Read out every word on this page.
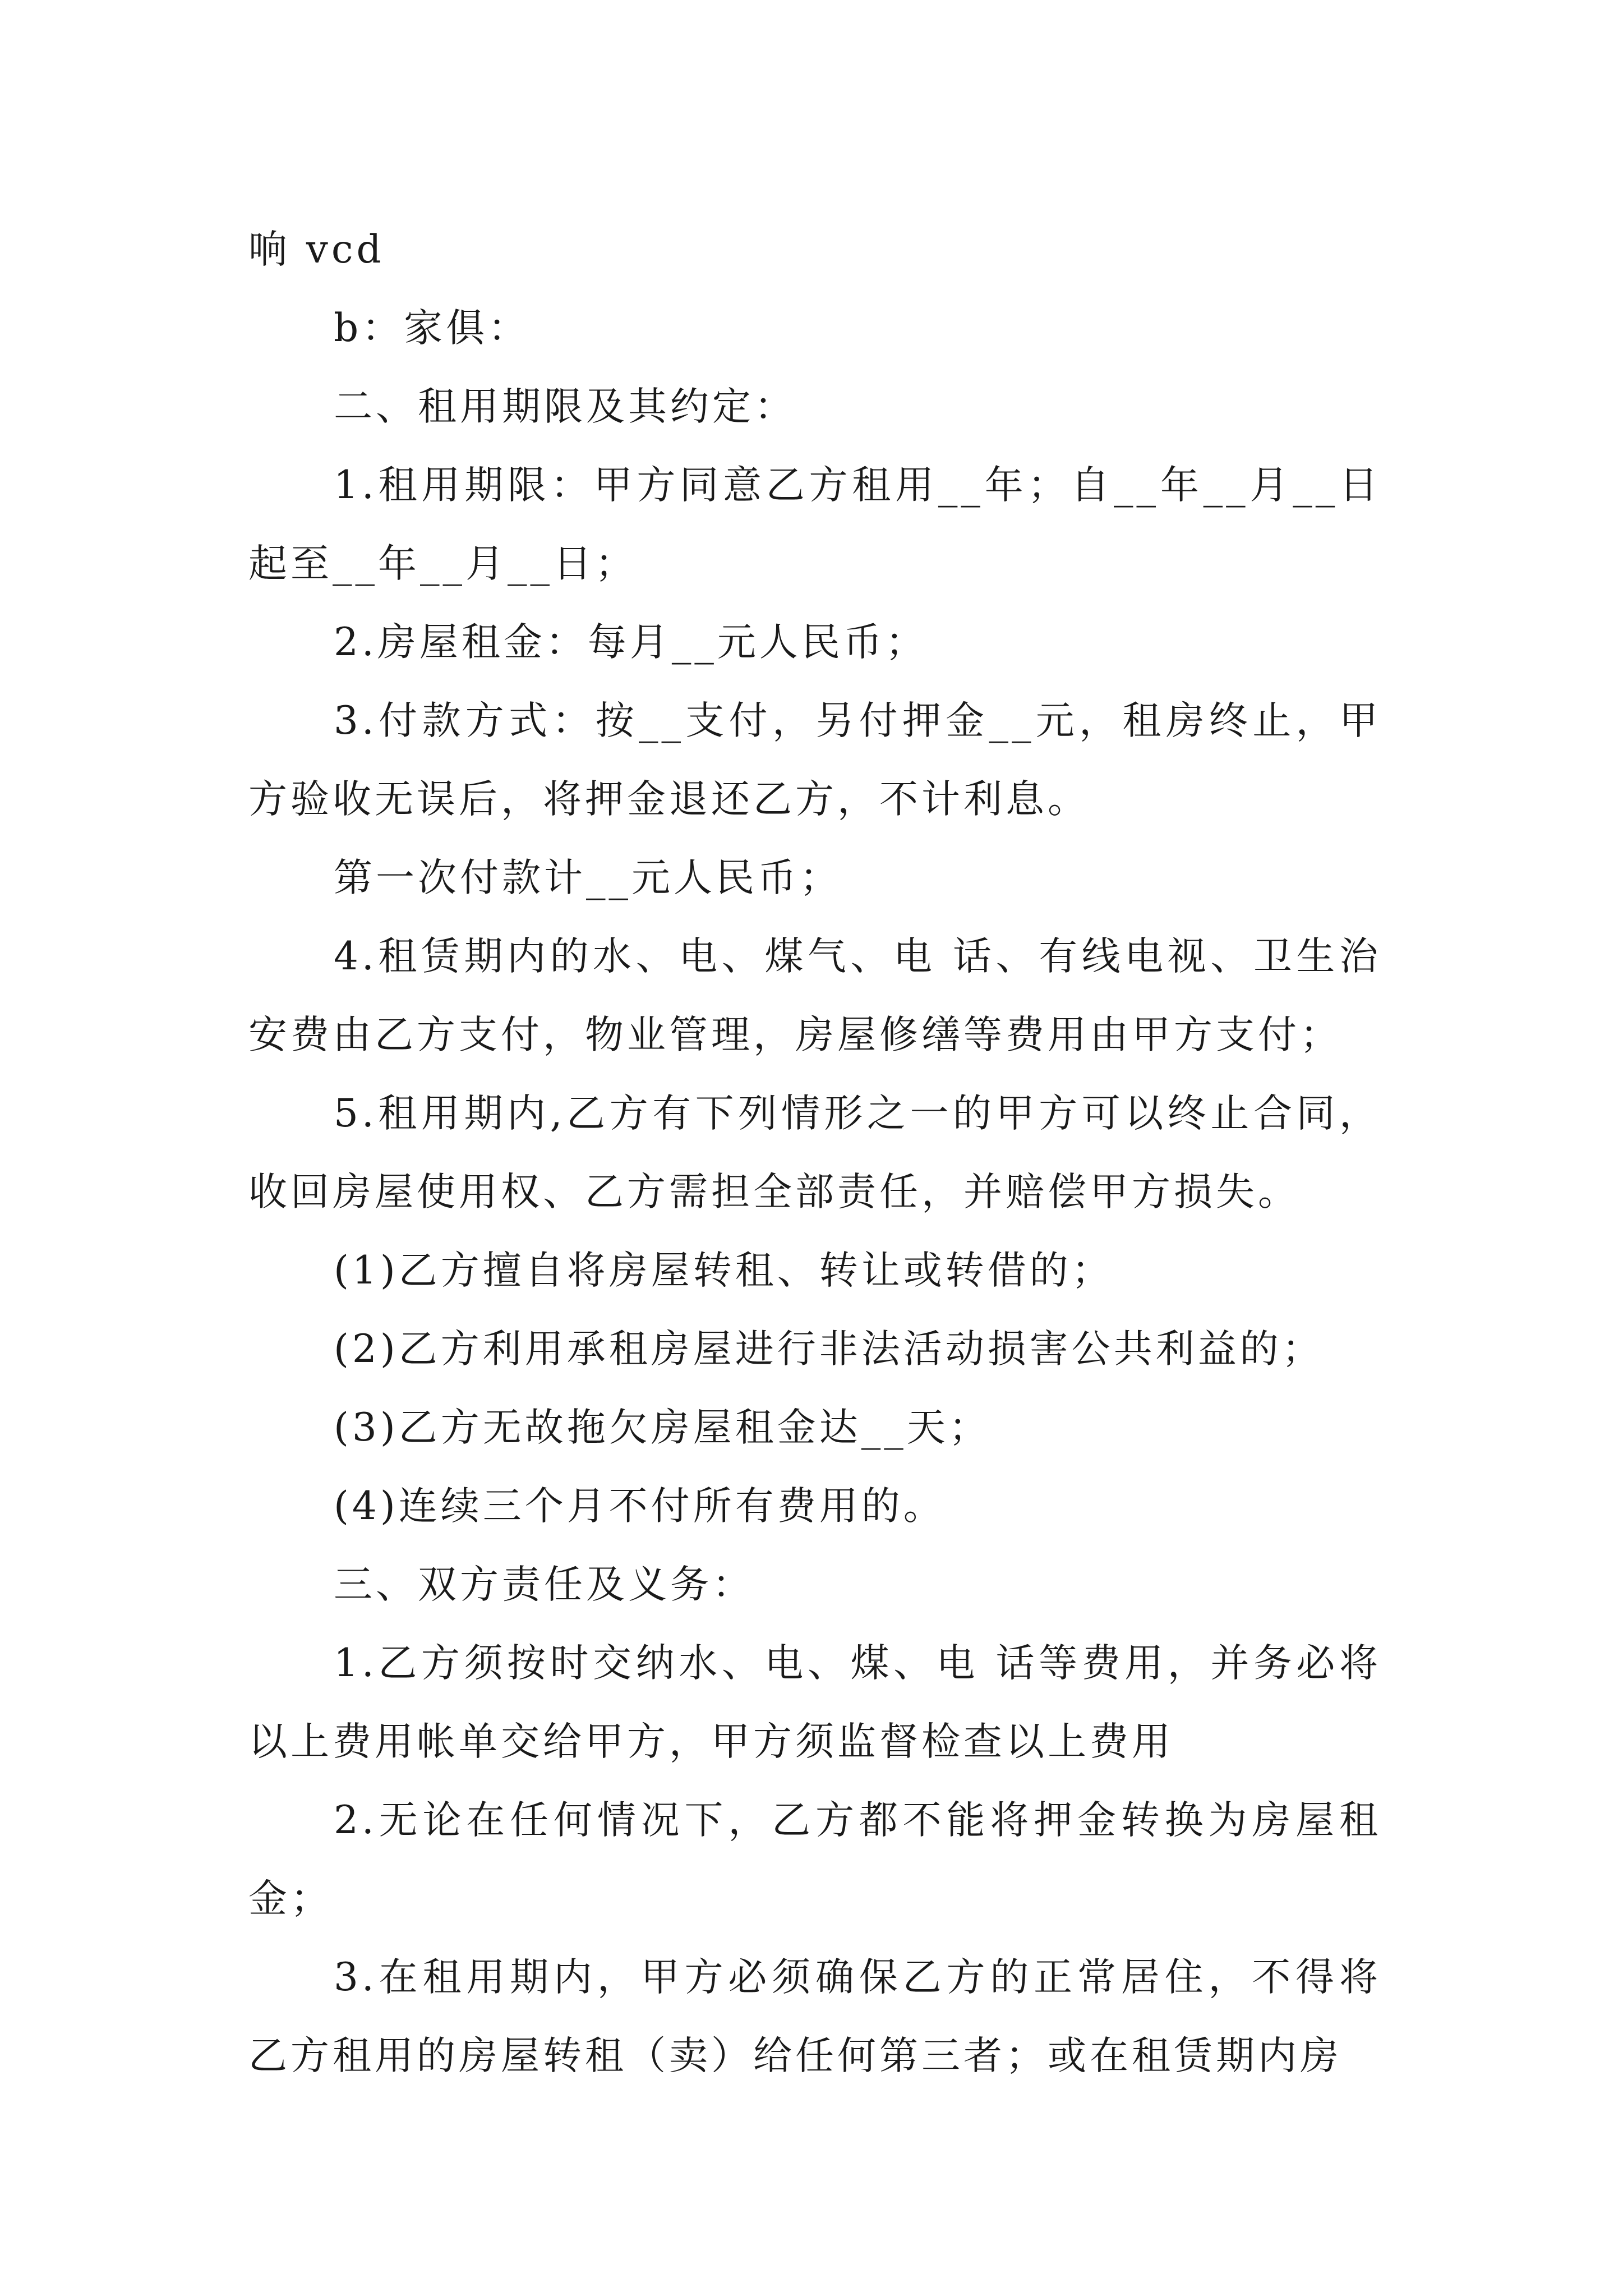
响 vcd

b：家俱：

二、租用期限及其约定：

1.租用期限：甲方同意乙方租用__年；自__年__月__日起至__年__月__日；

2.房屋租金：每月__元人民币；

3.付款方式：按__支付，另付押金__元，租房终止，甲方验收无误后，将押金退还乙方，不计利息。

第一次付款计__元人民币；

4.租赁期内的水、电、煤气、电 话、有线电视、卫生治安费由乙方支付，物业管理，房屋修缮等费用由甲方支付；

5.租用期内,乙方有下列情形之一的甲方可以终止合同，收回房屋使用权、乙方需担全部责任，并赔偿甲方损失。

(1)乙方擅自将房屋转租、转让或转借的；

(2)乙方利用承租房屋进行非法活动损害公共利益的；

(3)乙方无故拖欠房屋租金达__天；

(4)连续三个月不付所有费用的。

三、双方责任及义务：

1.乙方须按时交纳水、电、煤、电 话等费用，并务必将以上费用帐单交给甲方，甲方须监督检查以上费用

2.无论在任何情况下，乙方都不能将押金转换为房屋租金；

3.在租用期内，甲方必须确保乙方的正常居住，不得将乙方租用的房屋转租（卖）给任何第三者；或在租赁期内房
